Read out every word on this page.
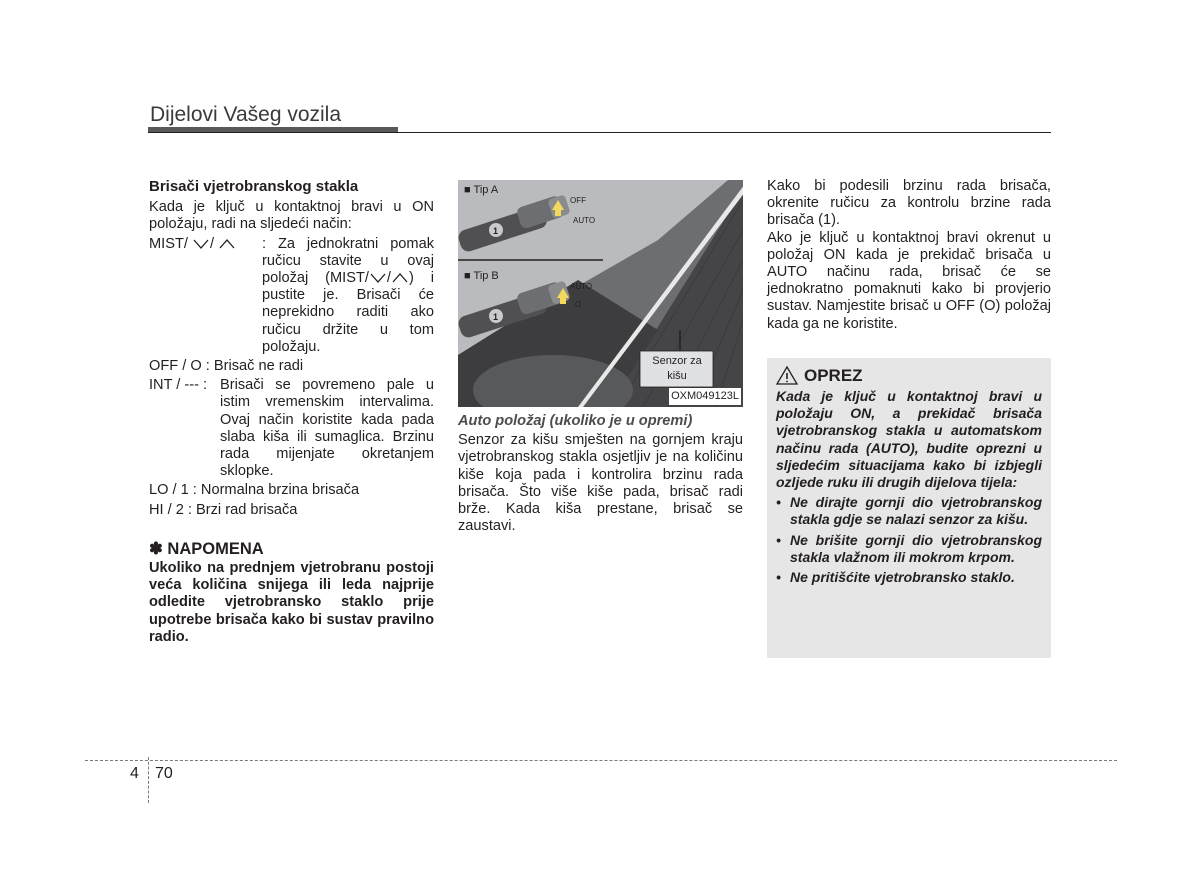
Dijelovi Vašeg vozila
Brisači vjetrobranskog stakla
Kada je ključ u kontaktnoj bravi u ON položaju, radi na sljedeći način:
MIST/ /	: Za jednokratni pomak ručicu stavite u ovaj položaj (MIST/ / ) i pustite je. Brisači će neprekidno raditi ako ručicu držite u tom položaju.
OFF / O : Brisač ne radi
INT / --- : Brisači se povremeno pale u istim vremenskim intervalima. Ovaj način koristite kada pada slaba kiša ili sumaglica. Brzinu rada mijenjate okretanjem sklopke.
LO / 1 : Normalna brzina brisača
HI / 2 : Brzi rad brisača
✽ NAPOMENA
Ukoliko na prednjem vjetrobranu postoji veća količina snijega ili leda najprije odledite vjetrobransko staklo prije upotrebe brisača kako bi sustav pravilno radio.
■ Tip A
■ Tip B
OFF
AUTO
AUTO
O
1
1
Senzor za kišu
OXM049123L
Auto položaj (ukoliko je u opremi)
Senzor za kišu smješten na gornjem kraju vjetrobranskog stakla osjetljiv je na količinu kiše koja pada i kontrolira brzinu rada brisača. Što više kiše pada, brisač radi brže. Kada kiša prestane, brisač se zaustavi.
Kako bi podesili brzinu rada brisača, okrenite ručicu za kontrolu brzine rada brisača (1).
Ako je ključ u kontaktnoj bravi okrenut u položaj ON kada je prekidač brisača u AUTO načinu rada, brisač će se jednokratno pomaknuti kako bi provjerio sustav. Namjestite brisač u OFF (O) položaj kada ga ne koristite.
OPREZ
Kada je ključ u kontaktnoj bravi u položaju ON, a prekidač brisača vjetrobranskog stakla u automatskom načinu rada (AUTO), budite oprezni u sljedećim situacijama kako bi izbjegli ozljede ruku ili drugih dijelova tijela:
• Ne dirajte gornji dio vjetrobranskog stakla gdje se nalazi senzor za kišu.
• Ne brišite gornji dio vjetrobranskog stakla vlažnom ili mokrom krpom.
• Ne pritišćite vjetrobransko staklo.
4 70
